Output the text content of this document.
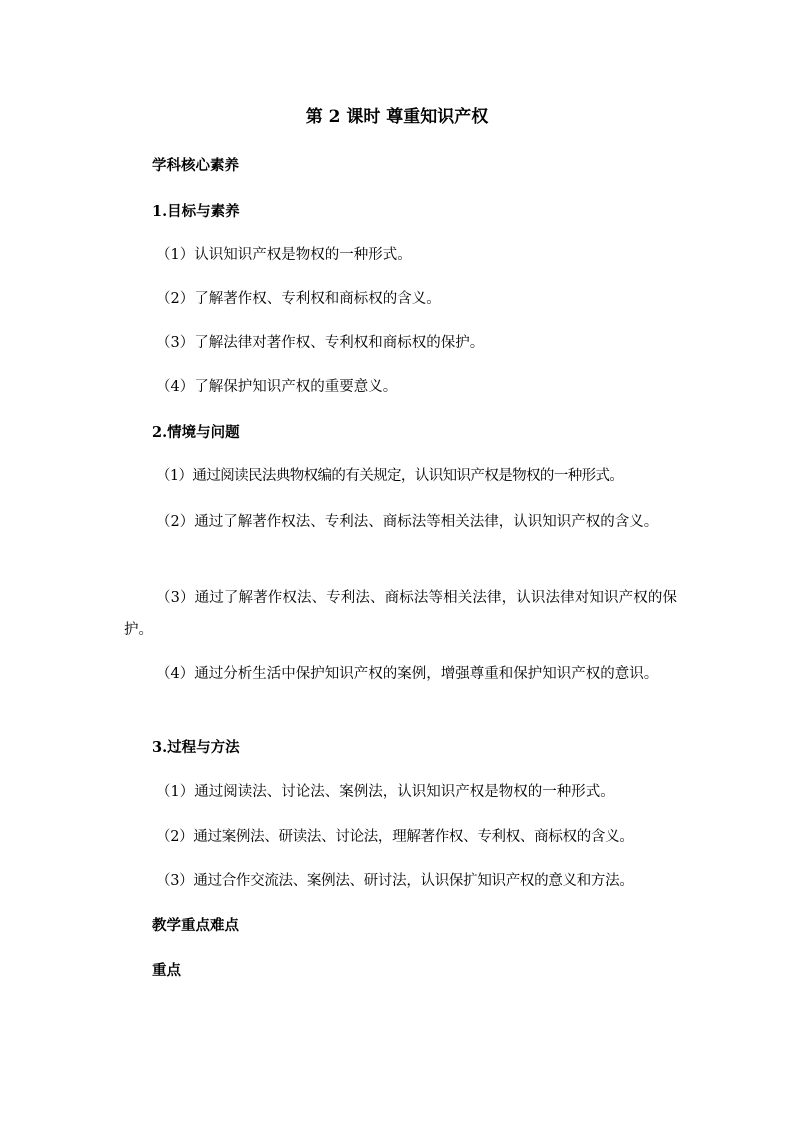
第 2 课时 尊重知识产权
学科核心素养
1.目标与素养
（1）认识知识产权是物权的一种形式。
（2）了解著作权、专利权和商标权的含义。
（3）了解法律对著作权、专利权和商标权的保护。
（4）了解保护知识产权的重要意义。
2.情境与问题
（1）通过阅读民法典物权编的有关规定，认识知识产权是物权的一种形式。
（2）通过了解著作权法、专利法、商标法等相关法律，认识知识产权的含义。
（3）通过了解著作权法、专利法、商标法等相关法律，认识法律对知识产权的保护。
（4）通过分析生活中保护知识产权的案例，增强尊重和保护知识产权的意识。
3.过程与方法
（1）通过阅读法、讨论法、案例法，认识知识产权是物权的一种形式。
（2）通过案例法、研读法、讨论法，理解著作权、专利权、商标权的含义。
（3）通过合作交流法、案例法、研讨法，认识保扩知识产权的意义和方法。
教学重点难点
重点
